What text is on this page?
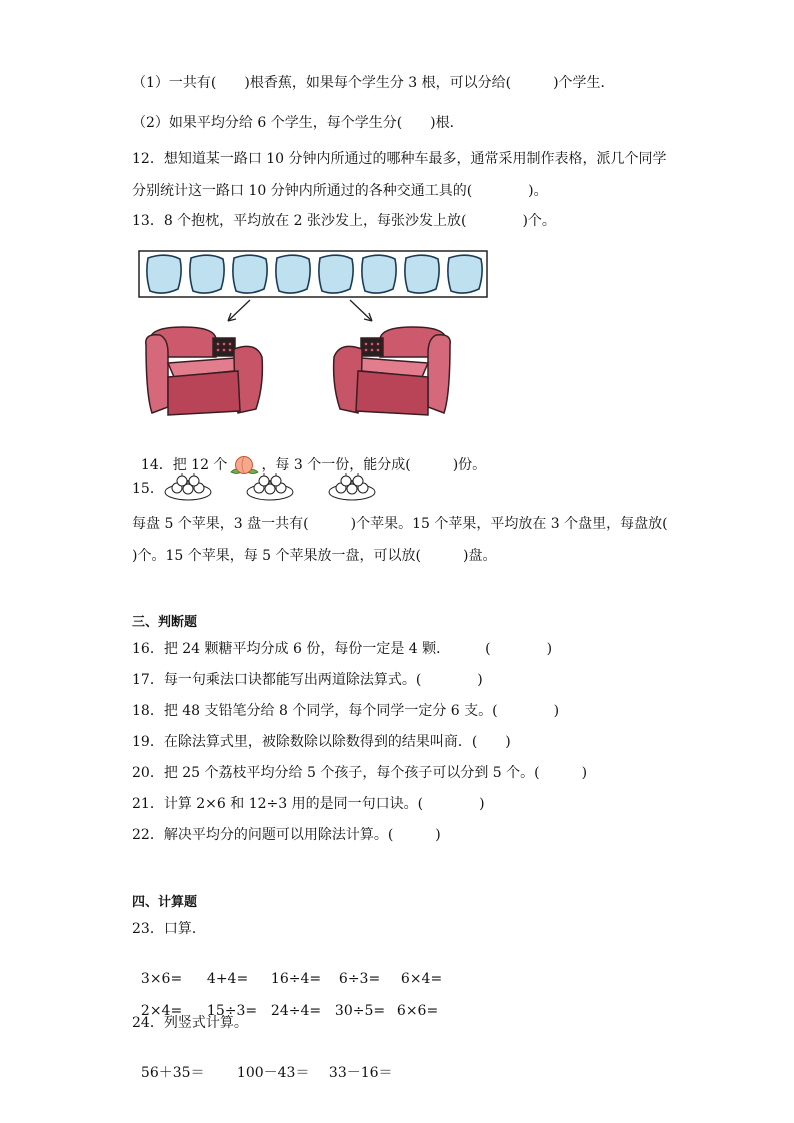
（1）一共有(　　)根香蕉，如果每个学生分 3 根，可以分给(　　　)个学生．
（2）如果平均分给 6 个学生，每个学生分(　　)根．
12．想知道某一路口 10 分钟内所通过的哪种车最多，通常采用制作表格，派几个同学
分别统计这一路口 10 分钟内所通过的各种交通工具的(　　　　)。
13．8 个抱枕，平均放在 2 张沙发上，每张沙发上放(　　　　)个。

14．把 12 个 ，每 3 个一份，能分成(　　　)份。

15．
每盘 5 个苹果，3 盘一共有(　　　)个苹果。15 个苹果，平均放在 3 个盘里，每盘放(
)个。15 个苹果，每 5 个苹果放一盘，可以放(　　　)盘。
三、判断题
16．把 24 颗糖平均分成 6 份，每份一定是 4 颗．　　　(　　　　)
17．每一句乘法口诀都能写出两道除法算式。(　　　　)
18．把 48 支铅笔分给 8 个同学，每个同学一定分 6 支。(　　　　)
19．在除法算式里，被除数除以除数得到的结果叫商．(　　)
20．把 25 个荔枝平均分给 5 个孩子，每个孩子可以分到 5 个。(　　　)
21．计算 2×6 和 12÷3 用的是同一句口诀。(　　　　)
22．解决平均分的问题可以用除法计算。(　　　)
四、计算题
23．口算．

3×6= 4+4= 16÷4= 6÷3= 6×4=

2×4= 15÷3= 24÷4= 30÷5= 6×6=

24．列竖式计算。

56＋35＝ 100－43＝ 33－16＝
